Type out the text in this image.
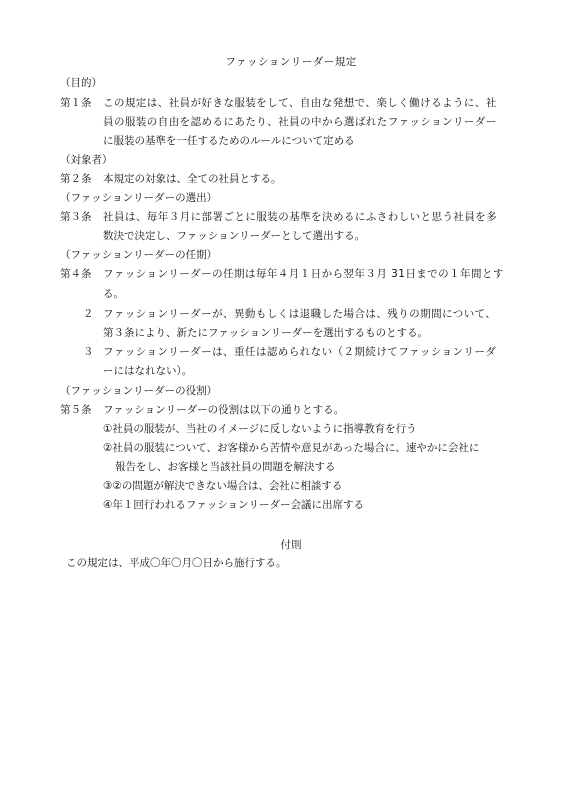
ファッションリーダー規定
（目的）
第１条 この規定は、社員が好きな服装をして、自由な発想で、楽しく働けるように、社
員の服装の自由を認めるにあたり、社員の中から選ばれたファッションリーダー
に服装の基準を一任するためのルールについて定める
（対象者）
第２条 本規定の対象は、全ての社員とする。
（ファッションリーダーの選出）
第３条 社員は、毎年３月に部署ごとに服装の基準を決めるにふさわしいと思う社員を多
数決で決定し、ファッションリーダーとして選出する。
（ファッションリーダーの任期）
第４条 ファッションリーダーの任期は毎年４月１日から翌年３月 31日までの１年間とす
る。
２ ファッションリーダーが、異動もしくは退職した場合は、残りの期間について、
第３条により、新たにファッションリーダーを選出するものとする。
３ ファッションリーダーは、重任は認められない（２期続けてファッションリーダ
ーにはなれない）。
（ファッションリーダーの役割）
第５条 ファッションリーダーの役割は以下の通りとする。
①社員の服装が、当社のイメージに反しないように指導教育を行う
②社員の服装について、お客様から苦情や意見があった場合に、速やかに会社に
報告をし、お客様と当該社員の問題を解決する
③②の問題が解決できない場合は、会社に相談する
④年１回行われるファッションリーダー会議に出席する
付則
この規定は、平成〇年〇月〇日から施行する。
